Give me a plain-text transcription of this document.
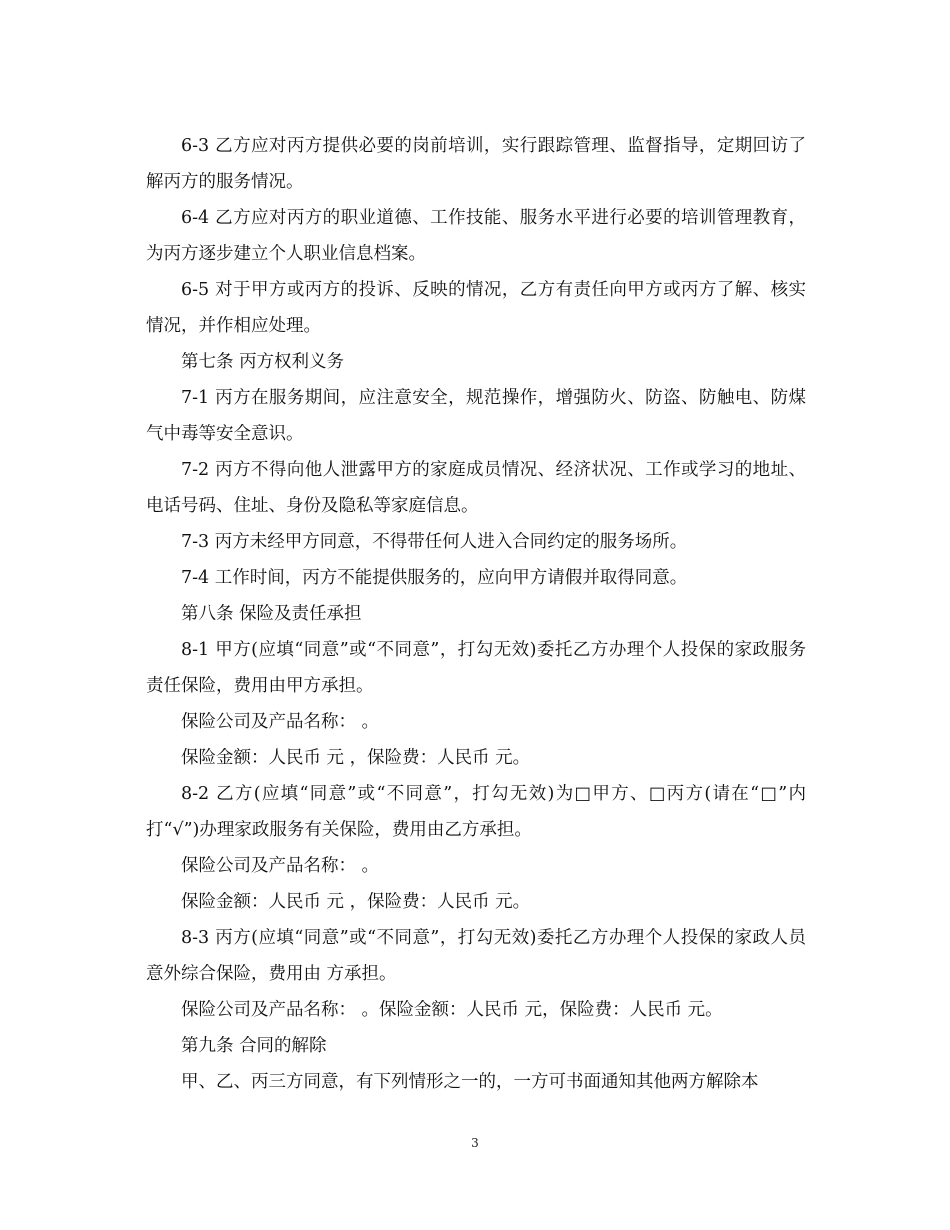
6-3 乙方应对丙方提供必要的岗前培训，实行跟踪管理、监督指导，定期回访了解丙方的服务情况。

6-4 乙方应对丙方的职业道德、工作技能、服务水平进行必要的培训管理教育，为丙方逐步建立个人职业信息档案。

6-5 对于甲方或丙方的投诉、反映的情况，乙方有责任向甲方或丙方了解、核实情况，并作相应处理。

第七条 丙方权利义务

7-1 丙方在服务期间，应注意安全，规范操作，增强防火、防盗、防触电、防煤气中毒等安全意识。

7-2 丙方不得向他人泄露甲方的家庭成员情况、经济状况、工作或学习的地址、电话号码、住址、身份及隐私等家庭信息。

7-3 丙方未经甲方同意，不得带任何人进入合同约定的服务场所。

7-4 工作时间，丙方不能提供服务的，应向甲方请假并取得同意。

第八条 保险及责任承担

8-1 甲方(应填“同意”或“不同意”，打勾无效)委托乙方办理个人投保的家政服务责任保险，费用由甲方承担。

保险公司及产品名称： 。

保险金额：人民币 元 ，保险费：人民币 元。

8-2 乙方(应填“同意”或“不同意”，打勾无效)为□甲方、□丙方(请在“□”内打“√”)办理家政服务有关保险，费用由乙方承担。

保险公司及产品名称： 。

保险金额：人民币 元 ，保险费：人民币 元。

8-3 丙方(应填“同意”或“不同意”，打勾无效)委托乙方办理个人投保的家政人员意外综合保险，费用由 方承担。

保险公司及产品名称： 。保险金额：人民币 元，保险费：人民币 元。

第九条 合同的解除

甲、乙、丙三方同意，有下列情形之一的，一方可书面通知其他两方解除本

3
